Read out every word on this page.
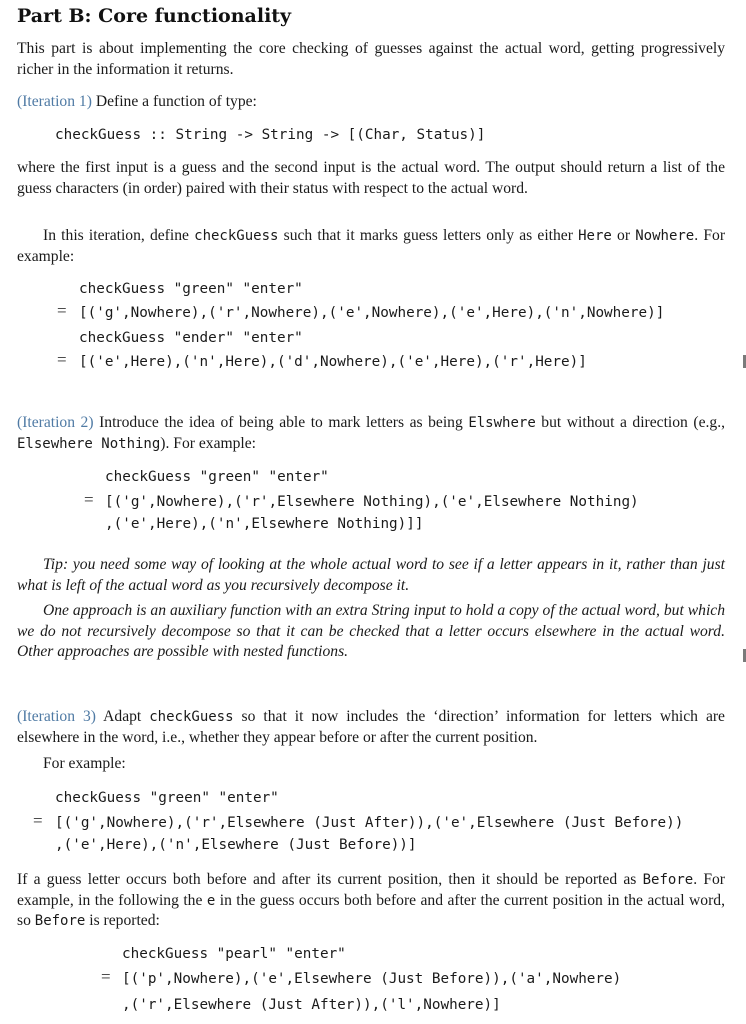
Part B: Core functionality

This part is about implementing the core checking of guesses against the actual word, getting progressively richer in the information it returns.

(Iteration 1) Define a function of type:

checkGuess :: String -> String -> [(Char, Status)]

where the first input is a guess and the second input is the actual word. The output should return a list of the guess characters (in order) paired with their status with respect to the actual word.

In this iteration, define checkGuess such that it marks guess letters only as either Here or Nowhere. For example:

checkGuess "green" "enter"
= [('g',Nowhere),('r',Nowhere),('e',Nowhere),('e',Here),('n',Nowhere)]
checkGuess "ender" "enter"
= [('e',Here),('n',Here),('d',Nowhere),('e',Here),('r',Here)]

(Iteration 2) Introduce the idea of being able to mark letters as being Elswhere but without a direction (e.g., Elsewhere Nothing). For example:

checkGuess "green" "enter"
= [('g',Nowhere),('r',Elsewhere Nothing),('e',Elsewhere Nothing)
,('e',Here),('n',Elsewhere Nothing)]]

Tip: you need some way of looking at the whole actual word to see if a letter appears in it, rather than just what is left of the actual word as you recursively decompose it.

One approach is an auxiliary function with an extra String input to hold a copy of the actual word, but which we do not recursively decompose so that it can be checked that a letter occurs elsewhere in the actual word. Other approaches are possible with nested functions.

(Iteration 3) Adapt checkGuess so that it now includes the ‘direction’ information for letters which are elsewhere in the word, i.e., whether they appear before or after the current position.

For example:

checkGuess "green" "enter"
= [('g',Nowhere),('r',Elsewhere (Just After)),('e',Elsewhere (Just Before))
,('e',Here),('n',Elsewhere (Just Before))]

If a guess letter occurs both before and after its current position, then it should be reported as Before. For example, in the following the e in the guess occurs both before and after the current position in the actual word, so Before is reported:

checkGuess "pearl" "enter"
= [('p',Nowhere),('e',Elsewhere (Just Before)),('a',Nowhere)
,('r',Elsewhere (Just After)),('l',Nowhere)]
